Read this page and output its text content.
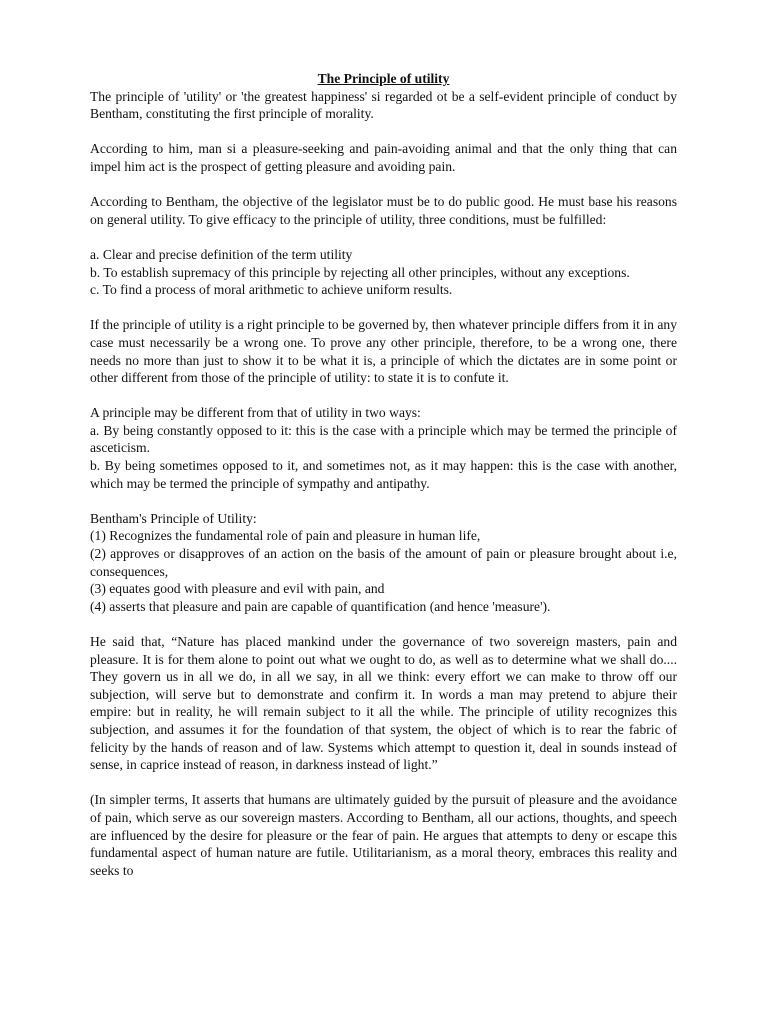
The Principle of utility

The principle of 'utility' or 'the greatest happiness' si regarded ot be a self-evident principle of conduct by Bentham, constituting the first principle of morality.

According to him, man si a pleasure-seeking and pain-avoiding animal and that the only thing that can impel him act is the prospect of getting pleasure and avoiding pain.

According to Bentham, the objective of the legislator must be to do public good. He must base his reasons on general utility. To give efficacy to the principle of utility, three conditions, must be fulfilled:

a. Clear and precise definition of the term utility

b. To establish supremacy of this principle by rejecting all other principles, without any exceptions.

c. To find a process of moral arithmetic to achieve uniform results.

If the principle of utility is a right principle to be governed by, then whatever principle differs from it in any case must necessarily be a wrong one. To prove any other principle, therefore, to be a wrong one, there needs no more than just to show it to be what it is, a principle of which the dictates are in some point or other different from those of the principle of utility: to state it is to confute it.

A principle may be different from that of utility in two ways:

a. By being constantly opposed to it: this is the case with a principle which may be termed the principle of asceticism.

b. By being sometimes opposed to it, and sometimes not, as it may happen: this is the case with another, which may be termed the principle of sympathy and antipathy.

Bentham's Principle of Utility:

(1) Recognizes the fundamental role of pain and pleasure in human life,

(2) approves or disapproves of an action on the basis of the amount of pain or pleasure brought about i.e, consequences,

(3) equates good with pleasure and evil with pain, and

(4) asserts that pleasure and pain are capable of quantification (and hence 'measure').

He said that, “Nature has placed mankind under the governance of two sovereign masters, pain and pleasure. It is for them alone to point out what we ought to do, as well as to determine what we shall do.... They govern us in all we do, in all we say, in all we think: every effort we can make to throw off our subjection, will serve but to demonstrate and confirm it. In words a man may pretend to abjure their empire: but in reality, he will remain subject to it all the while. The principle of utility recognizes this subjection, and assumes it for the foundation of that system, the object of which is to rear the fabric of felicity by the hands of reason and of law. Systems which attempt to question it, deal in sounds instead of sense, in caprice instead of reason, in darkness instead of light.”

(In simpler terms, It asserts that humans are ultimately guided by the pursuit of pleasure and the avoidance of pain, which serve as our sovereign masters. According to Bentham, all our actions, thoughts, and speech are influenced by the desire for pleasure or the fear of pain. He argues that attempts to deny or escape this fundamental aspect of human nature are futile. Utilitarianism, as a moral theory, embraces this reality and seeks to
